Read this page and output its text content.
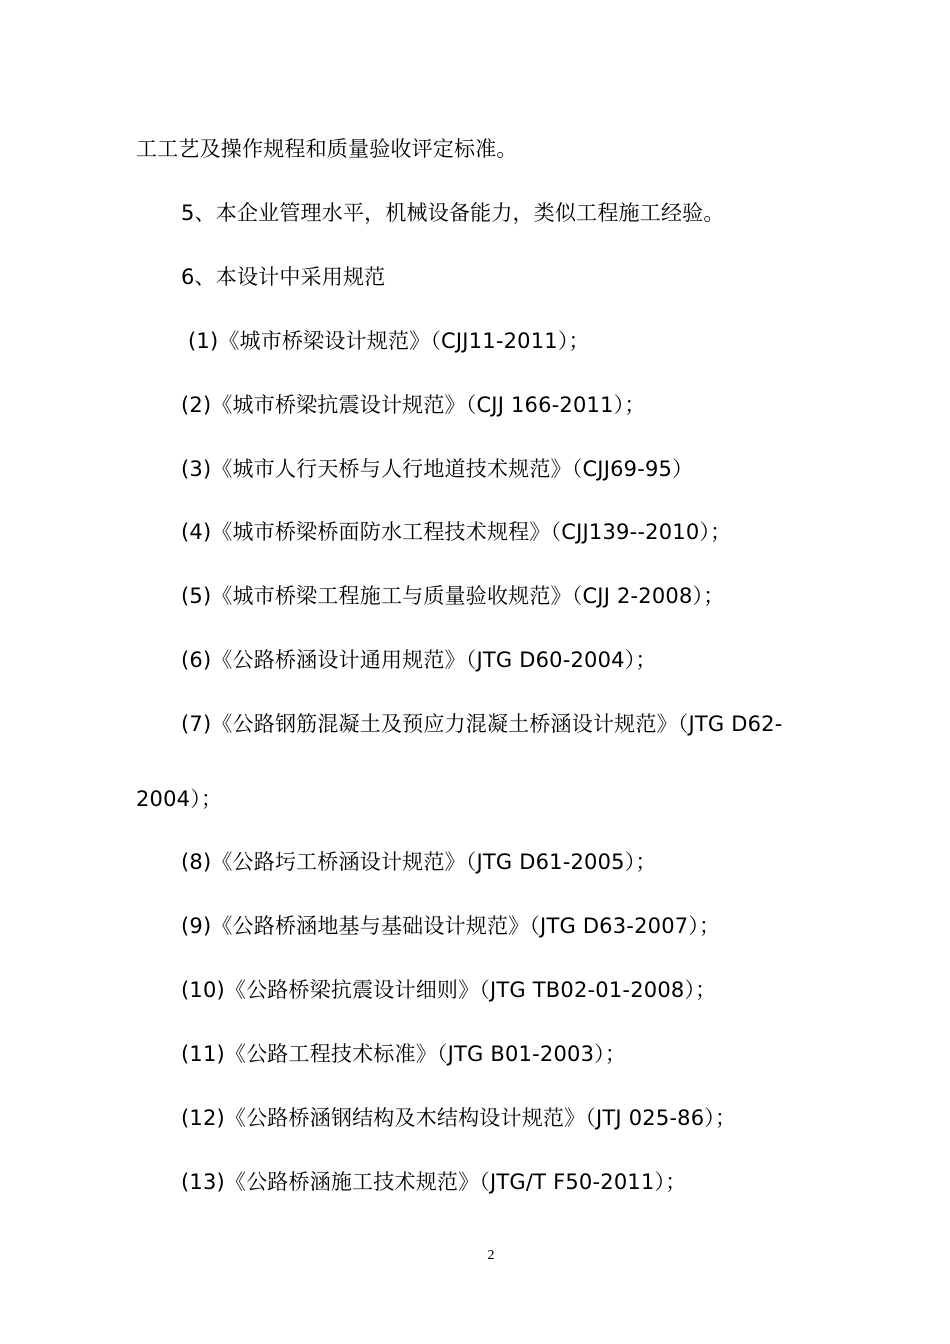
工工艺及操作规程和质量验收评定标准。
5、本企业管理水平，机械设备能力，类似工程施工经验。
6、本设计中采用规范
(1)《城市桥梁设计规范》（CJJ11-2011）；
(2)《城市桥梁抗震设计规范》（CJJ 166-2011）；
(3)《城市人行天桥与人行地道技术规范》（CJJ69-95）
(4)《城市桥梁桥面防水工程技术规程》（CJJ139--2010）；
(5)《城市桥梁工程施工与质量验收规范》（CJJ 2-2008）；
(6)《公路桥涵设计通用规范》（JTG D60-2004）；
(7)《公路钢筋混凝土及预应力混凝土桥涵设计规范》（JTG D62-
2004）；
(8)《公路圬工桥涵设计规范》（JTG D61-2005）；
(9)《公路桥涵地基与基础设计规范》（JTG D63-2007）；
(10)《公路桥梁抗震设计细则》（JTG TB02-01-2008）；
(11)《公路工程技术标准》（JTG B01-2003）；
(12)《公路桥涵钢结构及木结构设计规范》（JTJ 025-86）；
(13)《公路桥涵施工技术规范》（JTG/T F50-2011）；
2
